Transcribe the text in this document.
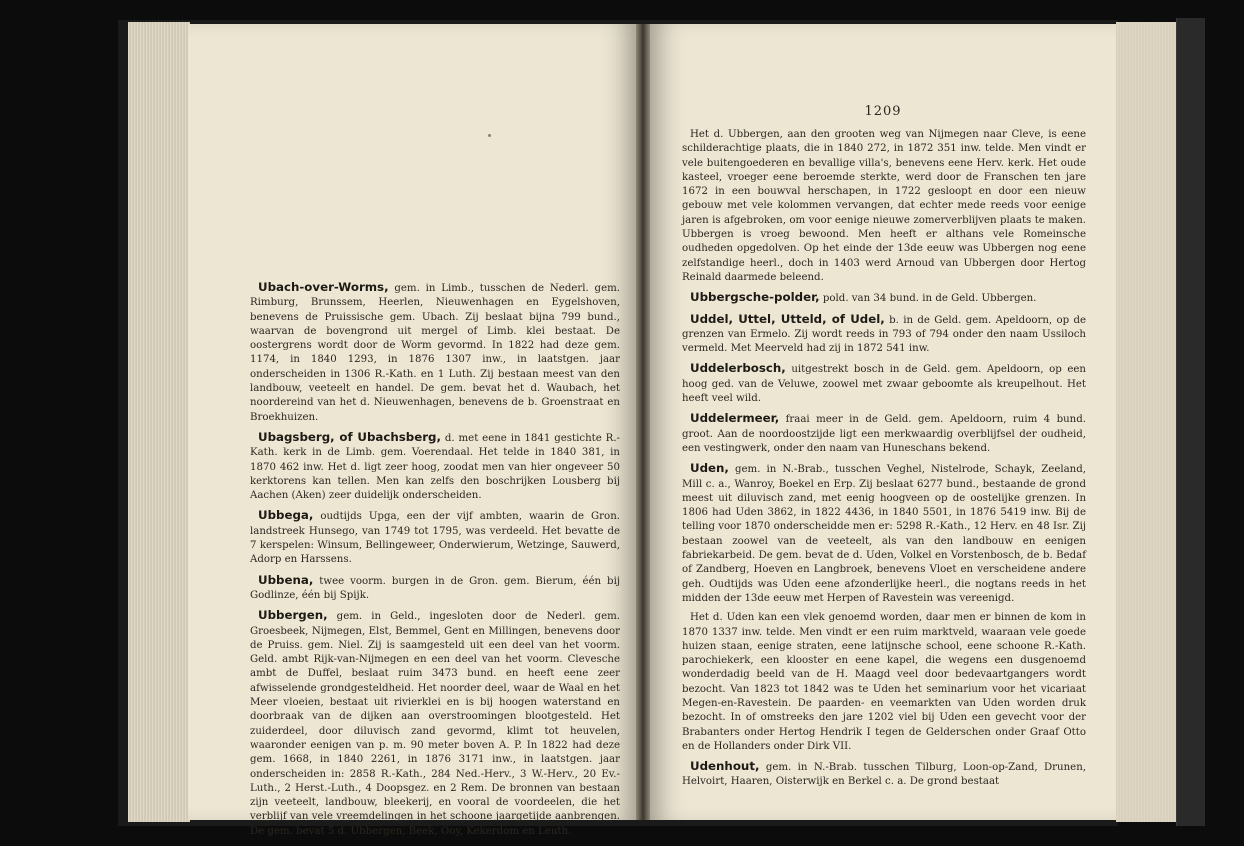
Ubach-over-Worms, gem. in Limb., tusschen de Nederl. gem. Rimburg, Brunssem, Heerlen, Nieuwenhagen en Eygelshoven, benevens de Pruissische gem. Ubach. Zij beslaat bijna 799 bund., waarvan de bovengrond uit mergel of Limb. klei bestaat. De oostergrens wordt door de Worm gevormd. In 1822 had deze gem. 1174, in 1840 1293, in 1876 1307 inw., in laatstgen. jaar onderscheiden in 1306 R.-Kath. en 1 Luth. Zij bestaan meest van den landbouw, veeteelt en handel. De gem. bevat het d. Waubach, het noordereind van het d. Nieuwenhagen, benevens de b. Groenstraat en Broekhuizen.

Ubagsberg, of Ubachsberg, d. met eene in 1841 gestichte R.-Kath. kerk in de Limb. gem. Voerendaal. Het telde in 1840 381, in 1870 462 inw. Het d. ligt zeer hoog, zoodat men van hier ongeveer 50 kerktorens kan tellen. Men kan zelfs den boschrijken Lousberg bij Aachen (Aken) zeer duidelijk onderscheiden.

Ubbega, oudtijds Upga, een der vijf ambten, waarin de Gron. landstreek Hunsego, van 1749 tot 1795, was verdeeld. Het bevatte de 7 kerspelen: Winsum, Bellingeweer, Onderwierum, Wetzinge, Sauwerd, Adorp en Harssens.

Ubbena, twee voorm. burgen in de Gron. gem. Bierum, één bij Godlinze, één bij Spijk.

Ubbergen, gem. in Geld., ingesloten door de Nederl. gem. Groesbeek, Nijmegen, Elst, Bemmel, Gent en Millingen, benevens door de Pruiss. gem. Niel. Zij is saamgesteld uit een deel van het voorm. Geld. ambt Rijk-van-Nijmegen en een deel van het voorm. Clevesche ambt de Duffel, beslaat ruim 3473 bund. en heeft eene zeer afwisselende grondgesteldheid. Het noorder deel, waar de Waal en het Meer vloeien, bestaat uit rivierklei en is bij hoogen waterstand en doorbraak van de dijken aan overstroomingen blootgesteld. Het zuiderdeel, door diluvisch zand gevormd, klimt tot heuvelen, waaronder eenigen van p. m. 90 meter boven A. P. In 1822 had deze gem. 1668, in 1840 2261, in 1876 3171 inw., in laatstgen. jaar onderscheiden in: 2858 R.-Kath., 284 Ned.-Herv., 3 W.-Herv., 20 Ev.-Luth., 2 Herst.-Luth., 4 Doopsgez. en 2 Rem. De bronnen van bestaan zijn veeteelt, landbouw, bleekerij, en vooral de voordeelen, die het verblijf van vele vreemdelingen in het schoone jaargetijde aanbrengen. De gem. bevat 5 d. Ubbergen, Beek, Ooy, Kekerdom en Leuth.

1209

Het d. Ubbergen, aan den grooten weg van Nijmegen naar Cleve, is eene schilderachtige plaats, die in 1840 272, in 1872 351 inw. telde. Men vindt er vele buitengoederen en bevallige villa's, benevens eene Herv. kerk. Het oude kasteel, vroeger eene beroemde sterkte, werd door de Franschen ten jare 1672 in een bouwval herschapen, in 1722 gesloopt en door een nieuw gebouw met vele kolommen vervangen, dat echter mede reeds voor eenige jaren is afgebroken, om voor eenige nieuwe zomerverblijven plaats te maken. Ubbergen is vroeg bewoond. Men heeft er althans vele Romeinsche oudheden opgedolven. Op het einde der 13de eeuw was Ubbergen nog eene zelfstandige heerl., doch in 1403 werd Arnoud van Ubbergen door Hertog Reinald daarmede beleend.

Ubbergsche-polder, pold. van 34 bund. in de Geld. Ubbergen.

Uddel, Uttel, Utteld, of Udel, b. in de Geld. gem. Apeldoorn, op de grenzen van Ermelo. Zij wordt reeds in 793 of 794 onder den naam Ussiloch vermeld. Met Meerveld had zij in 1872 541 inw.

Uddelerbosch, uitgestrekt bosch in de Geld. gem. Apeldoorn, op een hoog ged. van de Veluwe, zoowel met zwaar geboomte als kreupelhout. Het heeft veel wild.

Uddelermeer, fraai meer in de Geld. gem. Apeldoorn, ruim 4 bund. groot. Aan de noordoostzijde ligt een merkwaardig overblijfsel der oudheid, een vestingwerk, onder den naam van Huneschans bekend.

Uden, gem. in N.-Brab., tusschen Veghel, Nistelrode, Schayk, Zeeland, Mill c. a., Wanroy, Boekel en Erp. Zij beslaat 6277 bund., bestaande de grond meest uit diluvisch zand, met eenig hoogveen op de oostelijke grenzen. In 1806 had Uden 3862, in 1822 4436, in 1840 5501, in 1876 5419 inw. Bij de telling voor 1870 onderscheidde men er: 5298 R.-Kath., 12 Herv. en 48 Isr. Zij bestaan zoowel van de veeteelt, als van den landbouw en eenigen fabriekarbeid. De gem. bevat de d. Uden, Volkel en Vorstenbosch, de b. Bedaf of Zandberg, Hoeven en Langbroek, benevens Vloet en verscheidene andere geh. Oudtijds was Uden eene afzonderlijke heerl., die nogtans reeds in het midden der 13de eeuw met Herpen of Ravestein was vereenigd.

Het d. Uden kan een vlek genoemd worden, daar men er binnen de kom in 1870 1337 inw. telde. Men vindt er een ruim marktveld, waaraan vele goede huizen staan, eenige straten, eene latijnsche school, eene schoone R.-Kath. parochiekerk, een klooster en eene kapel, die wegens een dusgenoemd wonderdadig beeld van de H. Maagd veel door bedevaartgangers wordt bezocht. Van 1823 tot 1842 was te Uden het seminarium voor het vicariaat Megen-en-Ravestein. De paarden- en veemarkten van Uden worden druk bezocht. In of omstreeks den jare 1202 viel bij Uden een gevecht voor der Brabanters onder Hertog Hendrik I tegen de Gelderschen onder Graaf Otto en de Hollanders onder Dirk VII.

Udenhout, gem. in N.-Brab. tusschen Tilburg, Loon-op-Zand, Drunen, Helvoirt, Haaren, Oisterwijk en Berkel c. a. De grond bestaat
